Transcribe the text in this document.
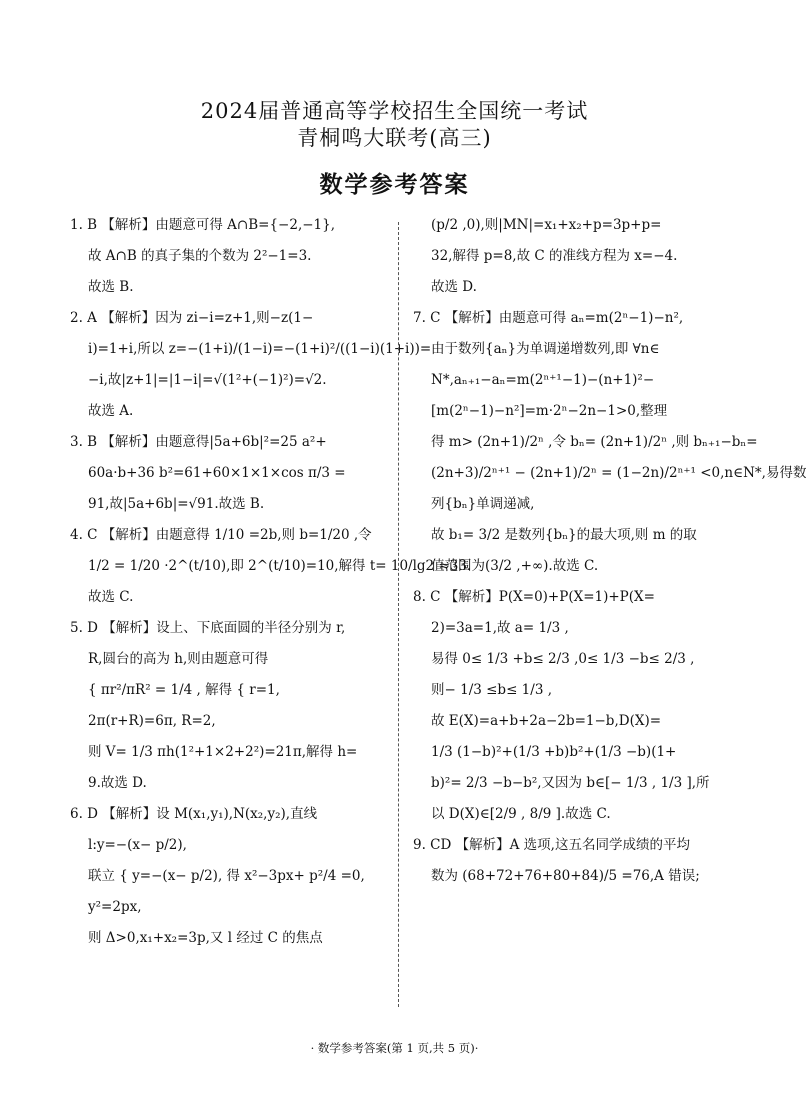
2024届普通高等学校招生全国统一考试
青桐鸣大联考(高三)
数学参考答案
1. B 【解析】由题意可得 A∩B={−2,−1},
故 A∩B 的真子集的个数为 2²−1=3.
故选 B.
2. A 【解析】因为 zi−i=z+1,则−z(1−
i)=1+i,所以 z=−(1+i)/(1−i)=−(1+i)²/((1−i)(1+i))=
−i,故|z+1|=|1−i|=√(1²+(−1)²)=√2.
故选 A.
3. B 【解析】由题意得|5a+6b|²=25 a²+
60a·b+36 b²=61+60×1×1×cos π/3 =
91,故|5a+6b|=√91.故选 B.
4. C 【解析】由题意得 1/10 =2b,则 b=1/20 ,令
1/2 = 1/20 ·2^(t/10),即 2^(t/10)=10,解得 t= 10/lg2 ≈33.
故选 C.
5. D 【解析】设上、下底面圆的半径分别为 r,
R,圆台的高为 h,则由题意可得
{ πr²/πR² = 1/4 , 解得 { r=1,
2π(r+R)=6π, R=2,
则 V= 1/3 πh(1²+1×2+2²)=21π,解得 h=
9.故选 D.
6. D 【解析】设 M(x₁,y₁),N(x₂,y₂),直线
l:y=−(x− p/2),
联立 { y=−(x− p/2), 得 x²−3px+ p²/4 =0,
y²=2px,
则 Δ>0,x₁+x₂=3p,又 l 经过 C 的焦点
(p/2 ,0),则|MN|=x₁+x₂+p=3p+p=
32,解得 p=8,故 C 的准线方程为 x=−4.
故选 D.
7. C 【解析】由题意可得 aₙ=m(2ⁿ−1)−n²,
由于数列{aₙ}为单调递增数列,即 ∀n∈
N*,aₙ₊₁−aₙ=m(2ⁿ⁺¹−1)−(n+1)²−
[m(2ⁿ−1)−n²]=m·2ⁿ−2n−1>0,整理
得 m> (2n+1)/2ⁿ ,令 bₙ= (2n+1)/2ⁿ ,则 bₙ₊₁−bₙ=
(2n+3)/2ⁿ⁺¹ − (2n+1)/2ⁿ = (1−2n)/2ⁿ⁺¹ <0,n∈N*,易得数
列{bₙ}单调递减,
故 b₁= 3/2 是数列{bₙ}的最大项,则 m 的取
值范围为(3/2 ,+∞).故选 C.
8. C 【解析】P(X=0)+P(X=1)+P(X=
2)=3a=1,故 a= 1/3 ,
易得 0≤ 1/3 +b≤ 2/3 ,0≤ 1/3 −b≤ 2/3 ,
则− 1/3 ≤b≤ 1/3 ,
故 E(X)=a+b+2a−2b=1−b,D(X)=
1/3 (1−b)²+(1/3 +b)b²+(1/3 −b)(1+
b)²= 2/3 −b−b²,又因为 b∈[− 1/3 , 1/3 ],所
以 D(X)∈[2/9 , 8/9 ].故选 C.
9. CD 【解析】A 选项,这五名同学成绩的平均
数为 (68+72+76+80+84)/5 =76,A 错误;
· 数学参考答案(第 1 页,共 5 页)·
